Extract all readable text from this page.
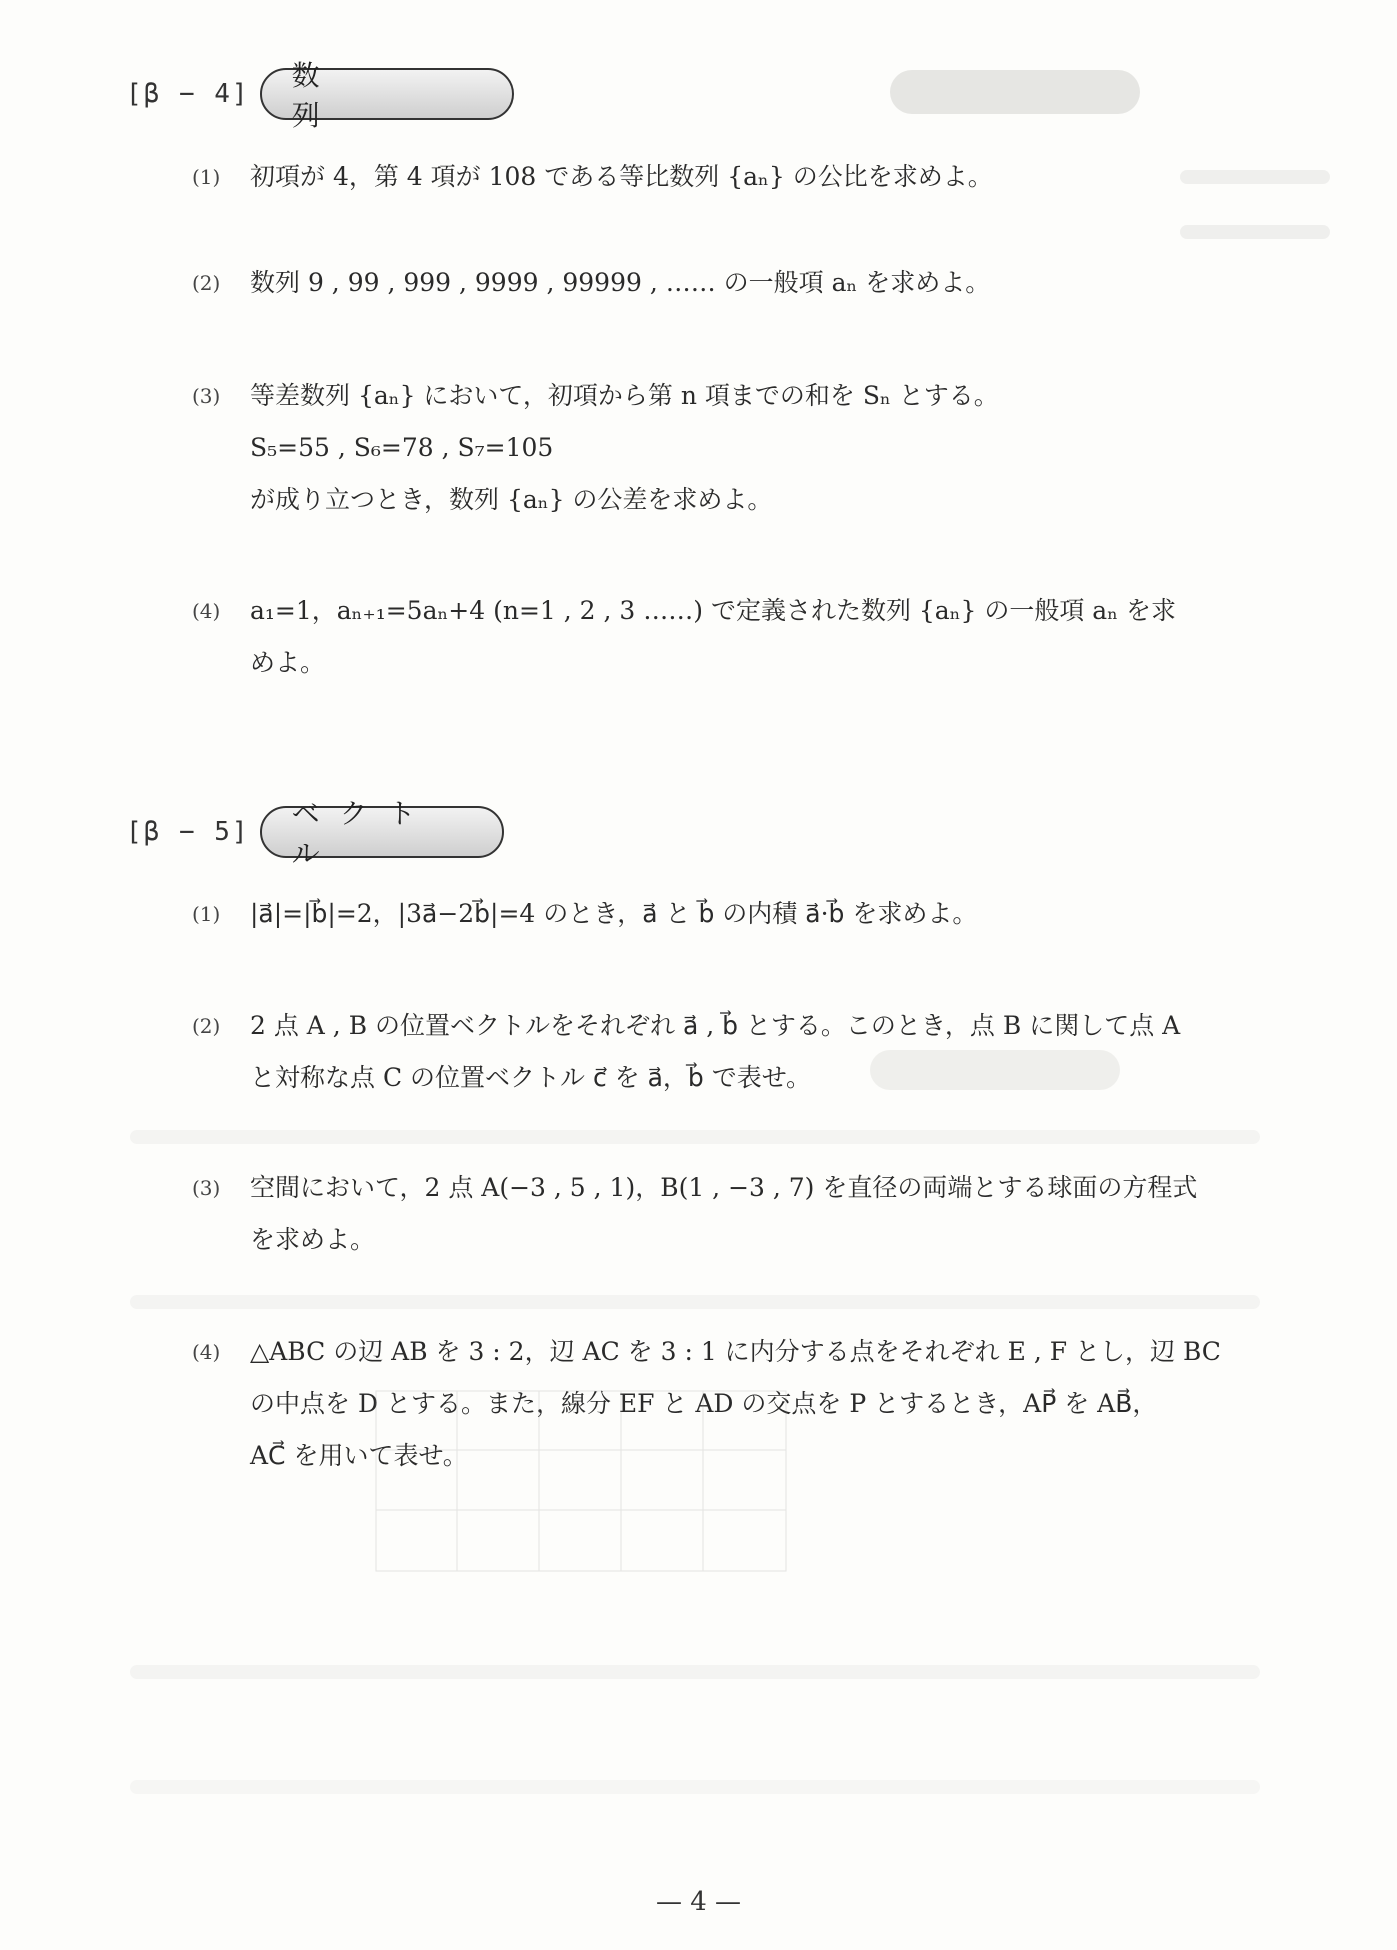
[β − 4]
数 列
(1) 初項が 4，第 4 項が 108 である等比数列 {aₙ} の公比を求めよ。
(2) 数列 9 , 99 , 999 , 9999 , 99999 , …… の一般項 aₙ を求めよ。
(3) 等差数列 {aₙ} において，初項から第 n 項までの和を Sₙ とする。
S₅=55 , S₆=78 , S₇=105
が成り立つとき，数列 {aₙ} の公差を求めよ。
(4) a₁=1，aₙ₊₁=5aₙ+4 (n=1 , 2 , 3 ……) で定義された数列 {aₙ} の一般項 aₙ を求
めよ。
[β − 5]
ベクトル
(1) |a⃗|=|b⃗|=2，|3a⃗−2b⃗|=4 のとき，a⃗ と b⃗ の内積 a⃗·b⃗ を求めよ。
(2) 2 点 A , B の位置ベクトルをそれぞれ a⃗ , b⃗ とする。このとき，点 B に関して点 A
と対称な点 C の位置ベクトル c⃗ を a⃗，b⃗ で表せ。
(3) 空間において，2 点 A(−3 , 5 , 1)，B(1 , −3 , 7) を直径の両端とする球面の方程式
を求めよ。
(4) △ABC の辺 AB を 3 : 2，辺 AC を 3 : 1 に内分する点をそれぞれ E , F とし，辺 BC
の中点を D とする。また，線分 EF と AD の交点を P とするとき，AP⃗ を AB⃗，
AC⃗ を用いて表せ。
— 4 —
